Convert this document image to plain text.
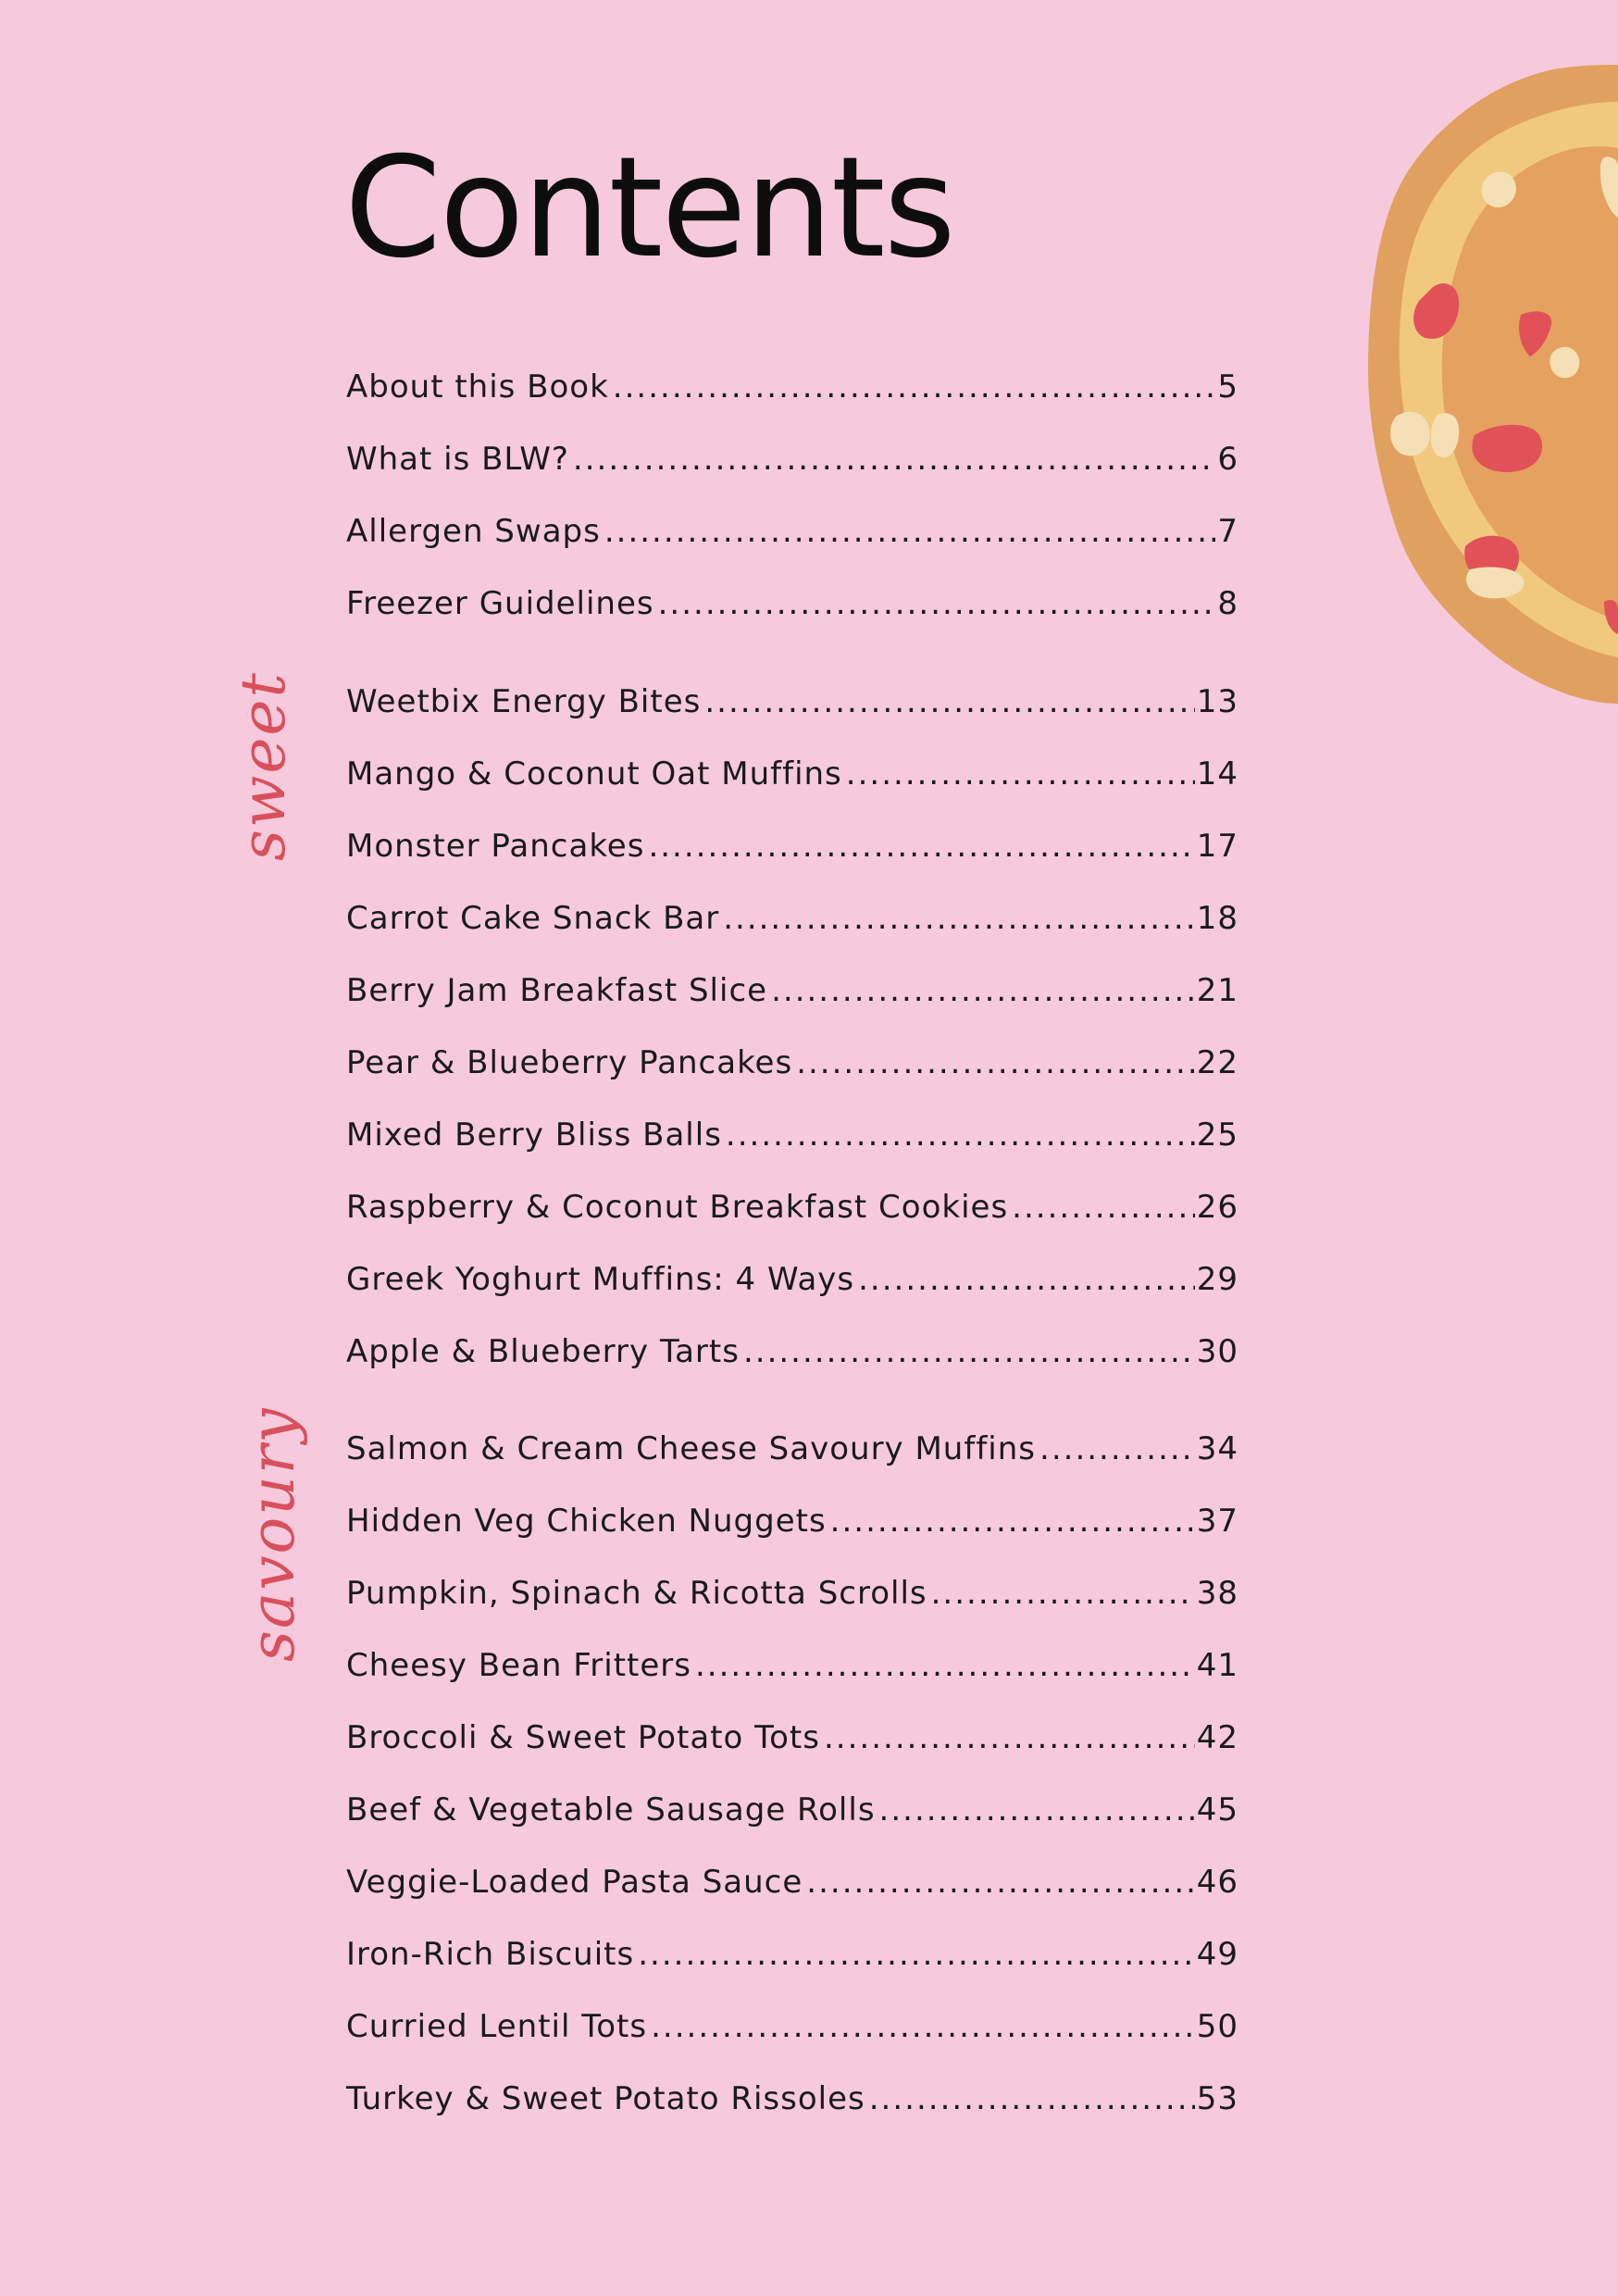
Contents
About this Book .....	5
What is BLW? .....	6
Allergen Swaps .....	7
Freezer Guidelines .....	8
sweet Weetbix Energy Bites .....	13
Mango & Coconut Oat Muffins .....	14
Monster Pancakes .....	17
Carrot Cake Snack Bar .....	18
Berry Jam Breakfast Slice .....	21
Pear & Blueberry Pancakes .....	22
Mixed Berry Bliss Balls .....	25
Raspberry & Coconut Breakfast Cookies .....	26
Greek Yoghurt Muffins: 4 Ways .....	29
Apple & Blueberry Tarts .....	30
savoury Salmon & Cream Cheese Savoury Muffins .....	34
Hidden Veg Chicken Nuggets .....	37
Pumpkin, Spinach & Ricotta Scrolls .....	38
Cheesy Bean Fritters .....	41
Broccoli & Sweet Potato Tots .....	42
Beef & Vegetable Sausage Rolls .....	45
Veggie-Loaded Pasta Sauce .....	46
Iron-Rich Biscuits .....	49
Curried Lentil Tots .....	50
Turkey & Sweet Potato Rissoles .....	53
